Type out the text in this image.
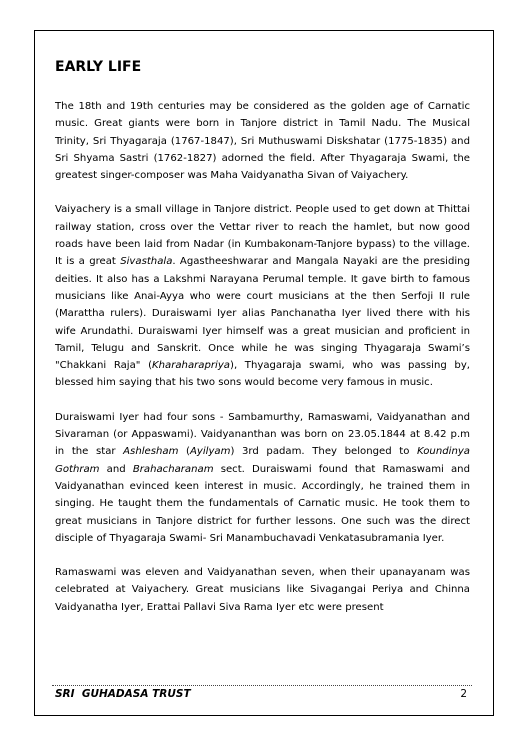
EARLY LIFE

The 18th and 19th centuries may be considered as the golden age of Carnatic music. Great giants were born in Tanjore district in Tamil Nadu. The Musical Trinity, Sri Thyagaraja (1767-1847), Sri Muthuswami Diskshatar (1775-1835) and Sri Shyama Sastri (1762-1827) adorned the field. After Thyagaraja Swami, the greatest singer-composer was Maha Vaidyanatha Sivan of Vaiyachery.

Vaiyachery is a small village in Tanjore district. People used to get down at Thittai railway station, cross over the Vettar river to reach the hamlet, but now good roads have been laid from Nadar (in Kumbakonam-Tanjore bypass) to the village. It is a great Sivasthala. Agastheeshwarar and Mangala Nayaki are the presiding deities. It also has a Lakshmi Narayana Perumal temple. It gave birth to famous musicians like Anai-Ayya who were court musicians at the then Serfoji II rule (Marattha rulers). Duraiswami Iyer alias Panchanatha Iyer lived there with his wife Arundathi. Duraiswami Iyer himself was a great musician and proficient in Tamil, Telugu and Sanskrit. Once while he was singing Thyagaraja Swami’s "Chakkani Raja" (Kharaharapriya), Thyagaraja swami, who was passing by, blessed him saying that his two sons would become very famous in music.

Duraiswami Iyer had four sons - Sambamurthy, Ramaswami, Vaidyanathan and Sivaraman (or Appaswami). Vaidyananthan was born on 23.05.1844 at 8.42 p.m in the star Ashlesham (Ayilyam) 3rd padam. They belonged to Koundinya Gothram and Brahacharanam sect. Duraiswami found that Ramaswami and Vaidyanathan evinced keen interest in music. Accordingly, he trained them in singing. He taught them the fundamentals of Carnatic music. He took them to great musicians in Tanjore district for further lessons. One such was the direct disciple of Thyagaraja Swami- Sri Manambuchavadi Venkatasubramania Iyer.

Ramaswami was eleven and Vaidyanathan seven, when their upanayanam was celebrated at Vaiyachery. Great musicians like Sivagangai Periya and Chinna Vaidyanatha Iyer, Erattai Pallavi Siva Rama Iyer etc were present

SRI  GUHADASA TRUST	2
